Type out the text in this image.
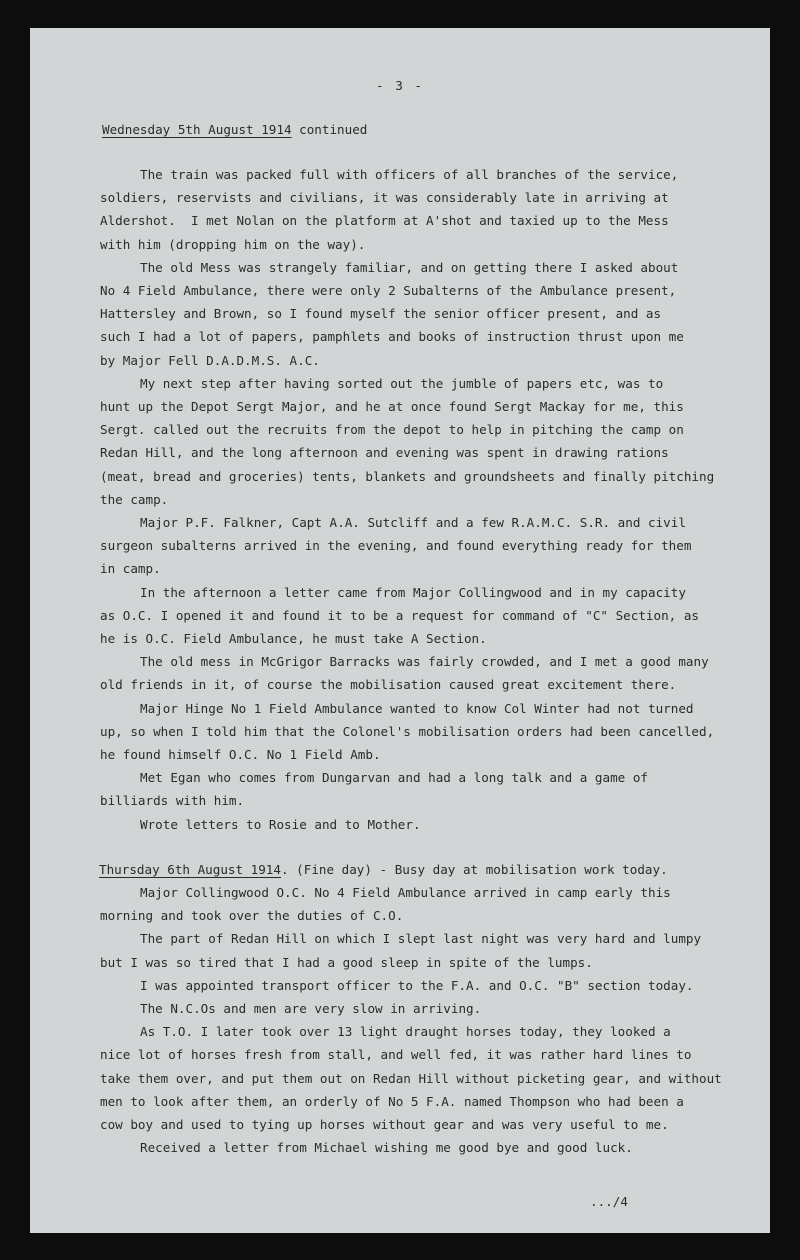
- 3 -
Wednesday 5th August 1914 continued
The train was packed full with officers of all branches of the service,
soldiers, reservists and civilians, it was considerably late in arriving at
Aldershot.  I met Nolan on the platform at A'shot and taxied up to the Mess
with him (dropping him on the way).
The old Mess was strangely familiar, and on getting there I asked about
No 4 Field Ambulance, there were only 2 Subalterns of the Ambulance present,
Hattersley and Brown, so I found myself the senior officer present, and as
such I had a lot of papers, pamphlets and books of instruction thrust upon me
by Major Fell D.A.D.M.S. A.C.
My next step after having sorted out the jumble of papers etc, was to
hunt up the Depot Sergt Major, and he at once found Sergt Mackay for me, this
Sergt. called out the recruits from the depot to help in pitching the camp on
Redan Hill, and the long afternoon and evening was spent in drawing rations
(meat, bread and groceries) tents, blankets and groundsheets and finally pitching
the camp.
Major P.F. Falkner, Capt A.A. Sutcliff and a few R.A.M.C. S.R. and civil
surgeon subalterns arrived in the evening, and found everything ready for them
in camp.
In the afternoon a letter came from Major Collingwood and in my capacity
as O.C. I opened it and found it to be a request for command of "C" Section, as
he is O.C. Field Ambulance, he must take A Section.
The old mess in McGrigor Barracks was fairly crowded, and I met a good many
old friends in it, of course the mobilisation caused great excitement there.
Major Hinge No 1 Field Ambulance wanted to know Col Winter had not turned
up, so when I told him that the Colonel's mobilisation orders had been cancelled,
he found himself O.C. No 1 Field Amb.
Met Egan who comes from Dungarvan and had a long talk and a game of
billiards with him.
Wrote letters to Rosie and to Mother.
Thursday 6th August 1914. (Fine day) - Busy day at mobilisation work today.
Major Collingwood O.C. No 4 Field Ambulance arrived in camp early this
morning and took over the duties of C.O.
The part of Redan Hill on which I slept last night was very hard and lumpy
but I was so tired that I had a good sleep in spite of the lumps.
I was appointed transport officer to the F.A. and O.C. "B" section today.
The N.C.Os and men are very slow in arriving.
As T.O. I later took over 13 light draught horses today, they looked a
nice lot of horses fresh from stall, and well fed, it was rather hard lines to
take them over, and put them out on Redan Hill without picketing gear, and without
men to look after them, an orderly of No 5 F.A. named Thompson who had been a
cow boy and used to tying up horses without gear and was very useful to me.
Received a letter from Michael wishing me good bye and good luck.
.../4
